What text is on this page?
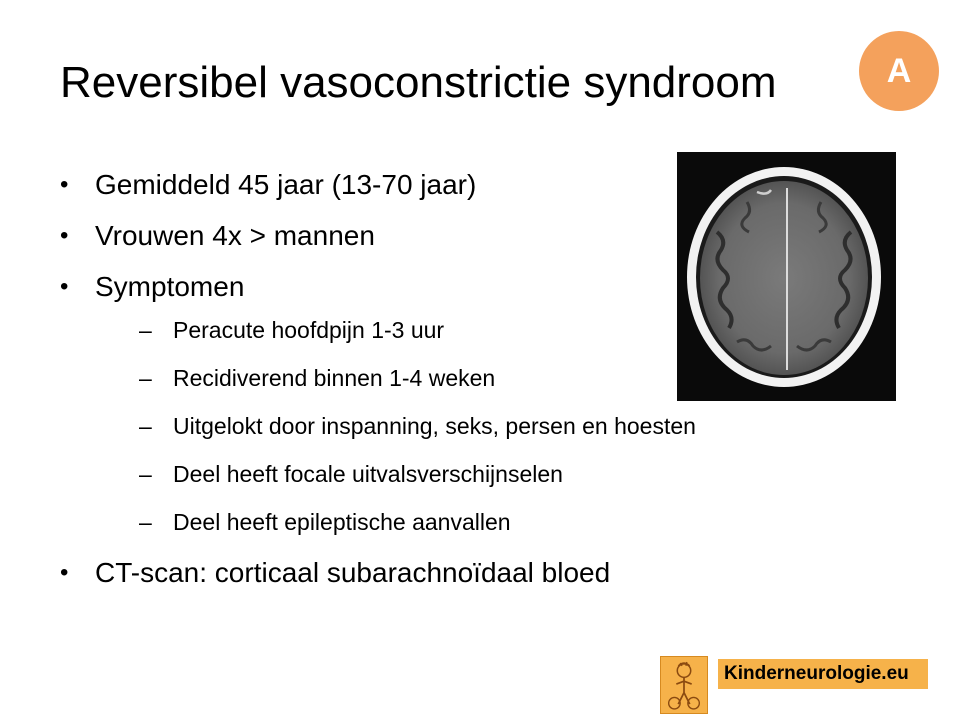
Reversibel vasoconstrictie syndroom	A
• Gemiddeld 45 jaar (13-70 jaar)
• Vrouwen 4x > mannen
• Symptomen
– Peracute hoofdpijn 1-3 uur
– Recidiverend binnen 1-4 weken
– Uitgelokt door inspanning, seks, persen en hoesten
– Deel heeft focale uitvalsverschijnselen
– Deel heeft epileptische aanvallen
• CT-scan: corticaal subarachnoïdaal bloed
Kinderneurologie.eu
